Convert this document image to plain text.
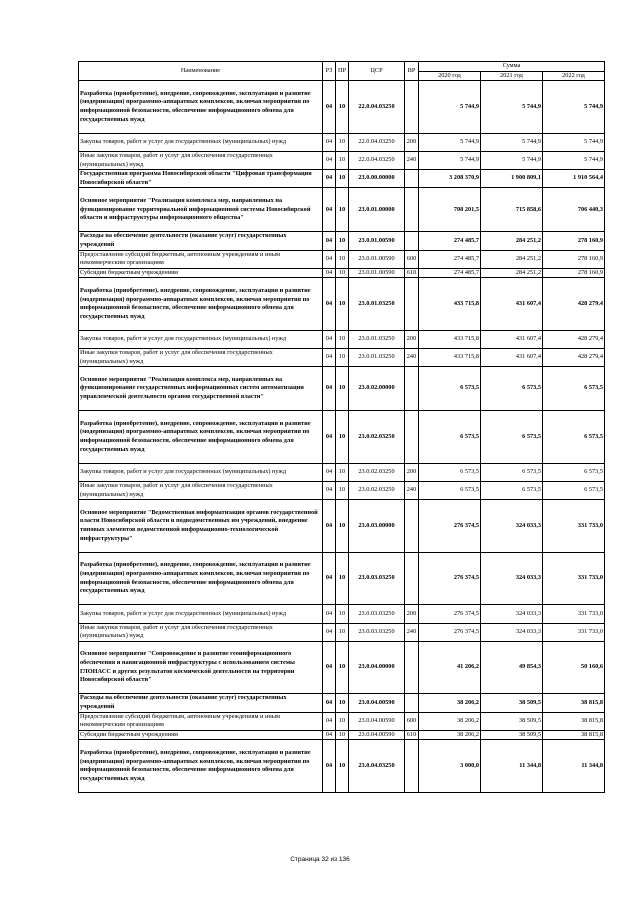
Наименование	РЗ	ПР	ЦСР	ВР	Сумма		
					2020 год	2021 год	2022 год
Разработка (приобретение), внедрение, сопровождение, эксплуатация и развитие (модернизация) программно-аппаратных комплексов, включая мероприятия по информационной безопасности, обеспечение информационного обмена для государственных нужд	04	10	22.0.04.03250		5 744,9	5 744,9	5 744,9
Закупка товаров, работ и услуг для государственных (муниципальных) нужд	04	10	22.0.04.03250	200	5 744,9	5 744,9	5 744,9
Иные закупки товаров, работ и услуг для обеспечения государственных (муниципальных) нужд	04	10	22.0.04.03250	240	5 744,9	5 744,9	5 744,9
Государственная программа Новосибирской области "Цифровая трансформация Новосибирской области"	04	10	23.0.00.00000		3 208 370,9	1 900 809,1	1 910 564,4
Основное мероприятие "Реализация комплекса мер, направленных на функционирование территориальной информационной системы Новосибирской области и инфраструктуры информационного общества"	04	10	23.0.01.00000		708 201,5	715 858,6	706 440,3
Расходы на обеспечение деятельности (оказание услуг) государственных учреждений	04	10	23.0.01.00590		274 485,7	284 251,2	278 160,9
Предоставление субсидий бюджетным, автономным учреждениям и иным некоммерческим организациям	04	10	23.0.01.00590	600	274 485,7	284 251,2	278 160,9
Субсидии бюджетным учреждениям	04	10	23.0.01.00590	610	274 485,7	284 251,2	278 160,9
Разработка (приобретение), внедрение, сопровождение, эксплуатация и развитие (модернизация) программно-аппаратных комплексов, включая мероприятия по информационной безопасности, обеспечение информационного обмена для государственных нужд	04	10	23.0.01.03250		433 715,8	431 607,4	428 279,4
Закупка товаров, работ и услуг для государственных (муниципальных) нужд	04	10	23.0.01.03250	200	433 715,8	431 607,4	428 279,4
Иные закупки товаров, работ и услуг для обеспечения государственных (муниципальных) нужд	04	10	23.0.01.03250	240	433 715,8	431 607,4	428 279,4
Основное мероприятие "Реализация комплекса мер, направленных на функционирование государственных информационных систем автоматизации управленческой деятельности органов государственной власти"	04	10	23.0.02.00000		6 573,5	6 573,5	6 573,5
Разработка (приобретение), внедрение, сопровождение, эксплуатация и развитие (модернизация) программно-аппаратных комплексов, включая мероприятия по информационной безопасности, обеспечение информационного обмена для государственных нужд	04	10	23.0.02.03250		6 573,5	6 573,5	6 573,5
Закупка товаров, работ и услуг для государственных (муниципальных) нужд	04	10	23.0.02.03250	200	6 573,5	6 573,5	6 573,5
Иные закупки товаров, работ и услуг для обеспечения государственных (муниципальных) нужд	04	10	23.0.02.03250	240	6 573,5	6 573,5	6 573,5
Основное мероприятие "Ведомственная информатизация органов государственной власти Новосибирской области и подведомственных им учреждений, внедрение типовых элементов ведомственной информационно-технологической инфраструктуры"	04	10	23.0.03.00000		276 374,5	324 033,3	331 733,0
Разработка (приобретение), внедрение, сопровождение, эксплуатация и развитие (модернизация) программно-аппаратных комплексов, включая мероприятия по информационной безопасности, обеспечение информационного обмена для государственных нужд	04	10	23.0.03.03250		276 374,5	324 033,3	331 733,0
Закупка товаров, работ и услуг для государственных (муниципальных) нужд	04	10	23.0.03.03250	200	276 374,5	324 033,3	331 733,0
Иные закупки товаров, работ и услуг для обеспечения государственных (муниципальных) нужд	04	10	23.0.03.03250	240	276 374,5	324 033,3	331 733,0
Основное мероприятие "Сопровождение и развитие геоинформационного обеспечения и навигационной инфраструктуры с использованием системы ГЛОНАСС и других результатов космической деятельности на территории Новосибирской области"	04	10	23.0.04.00000		41 206,2	49 854,3	50 160,6
Расходы на обеспечение деятельности (оказание услуг) государственных учреждений	04	10	23.0.04.00590		38 206,2	38 509,5	38 815,8
Предоставление субсидий бюджетным, автономным учреждениям и иным некоммерческим организациям	04	10	23.0.04.00590	600	38 206,2	38 509,5	38 815,8
Субсидии бюджетным учреждениям	04	10	23.0.04.00590	610	38 206,2	38 509,5	38 815,8
Разработка (приобретение), внедрение, сопровождение, эксплуатация и развитие (модернизация) программно-аппаратных комплексов, включая мероприятия по информационной безопасности, обеспечение информационного обмена для государственных нужд	04	10	23.0.04.03250		3 000,0	11 344,8	11 344,8
Страница 32 из 136
